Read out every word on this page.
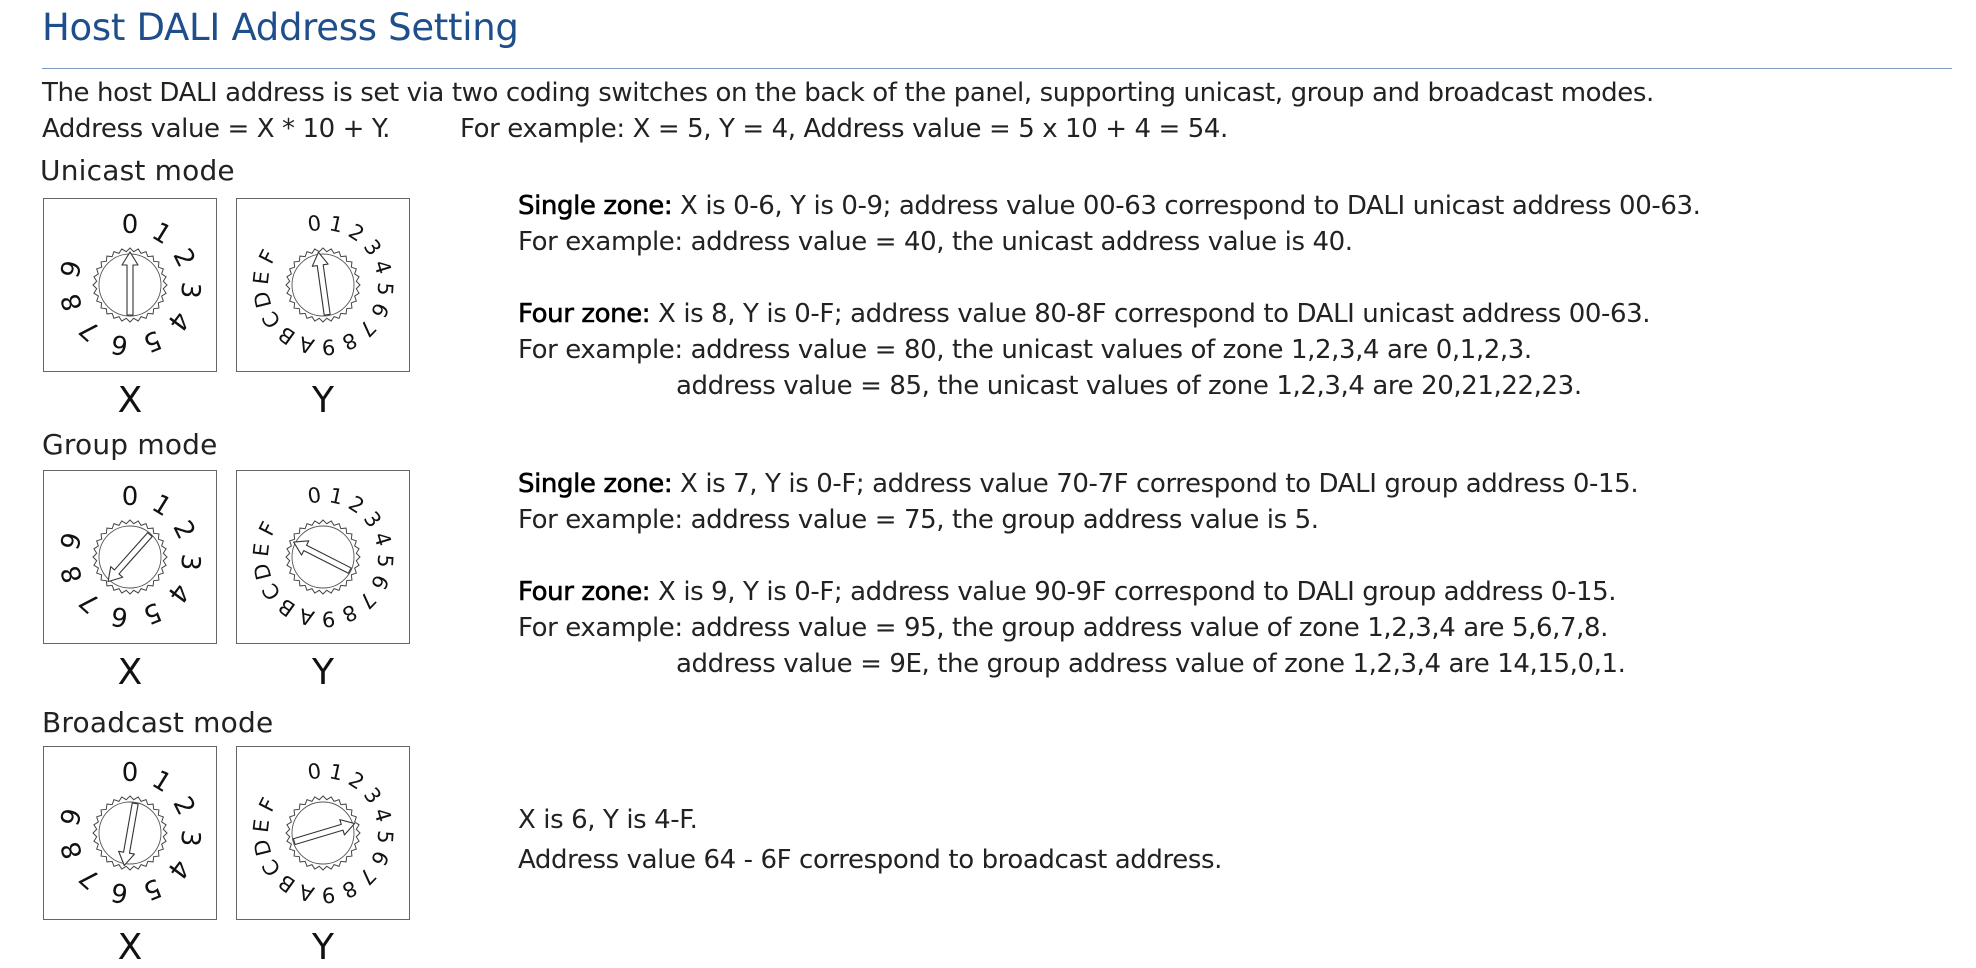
Host DALI Address Setting
The host DALI address is set via two coding switches on the back of the panel, supporting unicast, group and broadcast modes.
Address value = X * 10 + Y.	For example: X = 5, Y = 4, Address value = 5 x 10 + 4 = 54.
Unicast mode
0 1
2
3
4
5
6
7
8
9
0 1 2
3
4
5
6
7
8
9
A
B
C
D
E
F
X	Y
Single zone: X is 0-6, Y is 0-9; address value 00-63 correspond to DALI unicast address 00-63.
For example: address value = 40, the unicast address value is 40.
Four zone: X is 8, Y is 0-F; address value 80-8F correspond to DALI unicast address 00-63.
For example: address value = 80, the unicast values of zone 1,2,3,4 are 0,1,2,3.
address value = 85, the unicast values of zone 1,2,3,4 are 20,21,22,23.
Group mode
0 1
2
3
4
5
6
7
8
9
0 1 2
3
4
5
6
7
8
9
A
B
C
D
E
F
X	Y
Single zone: X is 7, Y is 0-F; address value 70-7F correspond to DALI group address 0-15.
For example: address value = 75, the group address value is 5.
Four zone: X is 9, Y is 0-F; address value 90-9F correspond to DALI group address 0-15.
For example: address value = 95, the group address value of zone 1,2,3,4 are 5,6,7,8.
address value = 9E, the group address value of zone 1,2,3,4 are 14,15,0,1.
Broadcast mode
0 1
2
3
4
5
6
7
8
9
0 1 2
3
4
5
6
7
8
9
A
B
C
D
E
F
X	Y
X is 6, Y is 4-F.
Address value 64 - 6F correspond to broadcast address.
